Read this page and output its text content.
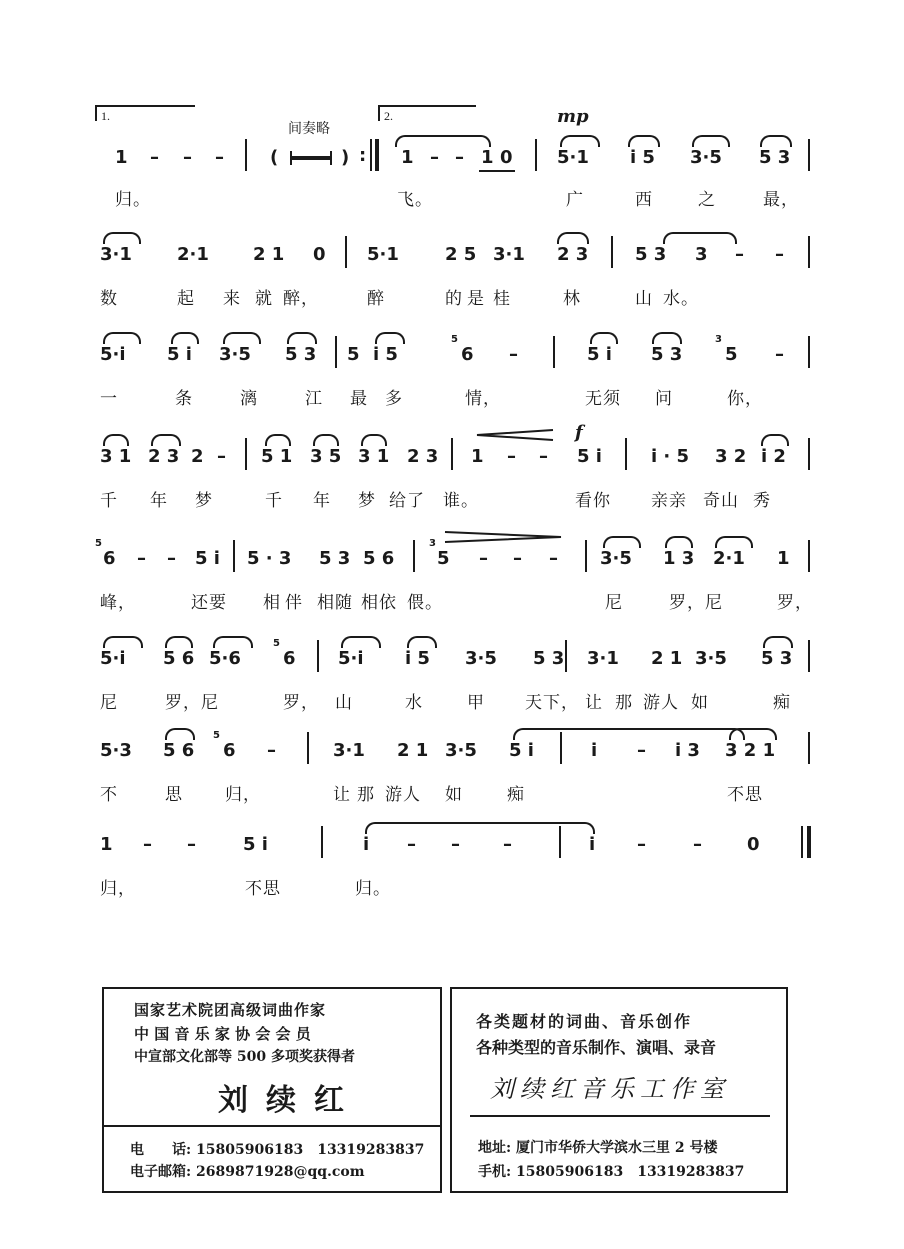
1.	2.
间奏略
mp
1 – – –	(	) : 1 – – 1 0 5·1 i 5 3·5 5 3
归。	飞。	广	西	之	最，
3·1	2·1 2 1 0 5·1	2 5 3·1 2 3	5 3 3 – –
数	起 来 就 醉，	醉	的 是 桂	林	山 水。
5·i 5 i 3·5 5 3 5 i 5
5
6 –	5 i 5 3
3
5 –
一	条	漓	江 最 多	情，	无须 问	你，
f
3 1 2 3 2 – 5 1 3 5 3 1 2 3 1 – – 5 i	i · 5 3 2 i 2
千 年 梦	千 年 梦 给了 谁。	看你 亲亲 奇山 秀
5
6 – – 5 i 5 · 3 5 3 5 6
3
5 – – – 3·5 1 3 2·1 1
峰，	还要 相 伴 相随 相依 偎。	尼	罗，尼	罗，
5·i 5 6 5·6
5
6 5·i i 5 3·5 5 3 3·1 2 1 3·5 5 3
尼	罗，尼	罗， 山	水	甲 天下， 让 那 游人 如	痴
5·3 5 6
5
6 –	3·1 2 1 3·5 5 i	i – i 3 3 2 1
不	思 归，	让 那 游人 如	痴	不思
1 – –	5 i	i – – –	i –	–	0
归，	不思	归。
国家艺术院团高级词曲作家
中 国 音 乐 家 协 会 会 员
中宣部文化部等 500 多项奖获得者
刘续红
电　　话: 15805906183　13319283837
电子邮箱: 2689871928@qq.com
各类题材的词曲、音乐创作
各种类型的音乐制作、演唱、录音
刘续红音乐工作室
地址: 厦门市华侨大学滨水三里 2 号楼
手机: 15805906183　13319283837
